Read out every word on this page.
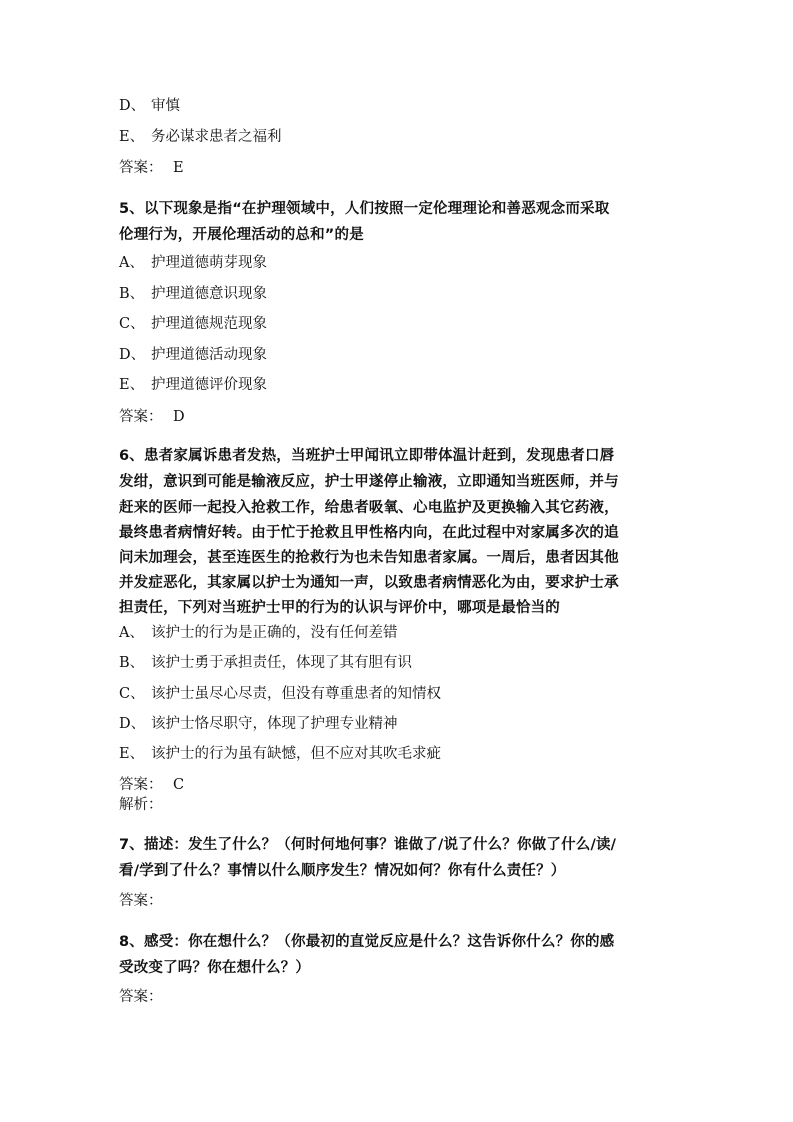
D、 审慎
E、 务必谋求患者之福利
答案： E
5、以下现象是指“在护理领域中，人们按照一定伦理理论和善恶观念而采取
伦理行为，开展伦理活动的总和”的是
A、 护理道德萌芽现象
B、 护理道德意识现象
C、 护理道德规范现象
D、 护理道德活动现象
E、 护理道德评价现象
答案： D
6、患者家属诉患者发热，当班护士甲闻讯立即带体温计赶到，发现患者口唇
发绀，意识到可能是输液反应，护士甲遂停止输液，立即通知当班医师，并与
赶来的医师一起投入抢救工作，给患者吸氧、心电监护及更换输入其它药液，
最终患者病情好转。由于忙于抢救且甲性格内向，在此过程中对家属多次的追
问未加理会，甚至连医生的抢救行为也未告知患者家属。一周后，患者因其他
并发症恶化，其家属以护士为通知一声，以致患者病情恶化为由，要求护士承
担责任，下列对当班护士甲的行为的认识与评价中，哪项是最恰当的
A、 该护士的行为是正确的，没有任何差错
B、 该护士勇于承担责任，体现了其有胆有识
C、 该护士虽尽心尽责，但没有尊重患者的知情权
D、 该护士恪尽职守，体现了护理专业精神
E、 该护士的行为虽有缺憾，但不应对其吹毛求疵
答案： C
解析：
7、描述：发生了什么？（何时何地何事？谁做了/说了什么？你做了什么/读/
看/学到了什么？事情以什么顺序发生？情况如何？你有什么责任？）
答案：
8、感受：你在想什么？（你最初的直觉反应是什么？这告诉你什么？你的感
受改变了吗？你在想什么？）
答案：
